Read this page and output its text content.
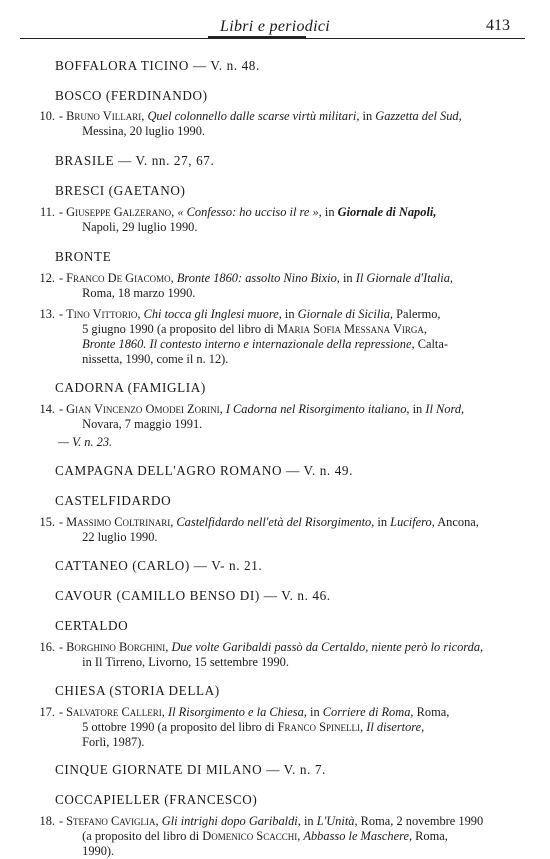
Libri e periodici	413
BOFFALORA TICINO — V. n. 48.
BOSCO (FERDINANDO)
10. - Bruno Villari, Quel colonnello dalle scarse virtù militari, in Gazzetta del Sud,
Messina, 20 luglio 1990.
BRASILE — V. nn. 27, 67.
BRESCI (GAETANO)
11. - Giuseppe Galzerano, « Confesso: ho ucciso il re », in Giornale di Napoli,
Napoli, 29 luglio 1990.
BRONTE
12. - Franco De Giacomo, Bronte 1860: assolto Nino Bixio, in Il Giornale d'Italia,
Roma, 18 marzo 1990.
13. - Tino Vittorio, Chi tocca gli Inglesi muore, in Giornale di Sicilia, Palermo,
5 giugno 1990 (a proposito del libro di Maria Sofia Messana Virga,
Bronte 1860. Il contesto interno e internazionale della repressione, Calta-
nissetta, 1990, come il n. 12).
CADORNA (FAMIGLIA)
14. - Gian Vincenzo Omodei Zorini, I Cadorna nel Risorgimento italiano, in Il Nord,
Novara, 7 maggio 1991.
— V. n. 23.
CAMPAGNA DELL'AGRO ROMANO — V. n. 49.
CASTELFIDARDO
15. - Massimo Coltrinari, Castelfidardo nell'età del Risorgimento, in Lucifero, Ancona,
22 luglio 1990.
CATTANEO (CARLO) — V- n. 21.
CAVOUR (CAMILLO BENSO DI) — V. n. 46.
CERTALDO
16. - Borghino Borghini, Due volte Garibaldi passò da Certaldo, niente però lo ricorda,
in Il Tirreno, Livorno, 15 settembre 1990.
CHIESA (STORIA DELLA)
17. - Salvatore Calleri, Il Risorgimento e la Chiesa, in Corriere di Roma, Roma,
5 ottobre 1990 (a proposito del libro di Franco Spinelli, Il disertore,
Forlì, 1987).
CINQUE GIORNATE DI MILANO — V. n. 7.
COCCAPIELLER (FRANCESCO)
18. - Stefano Caviglia, Gli intrighi dopo Garibaldi, in L'Unità, Roma, 2 novembre 1990
(a proposito del libro di Domenico Scacchi, Abbasso le Maschere, Roma,
1990).
